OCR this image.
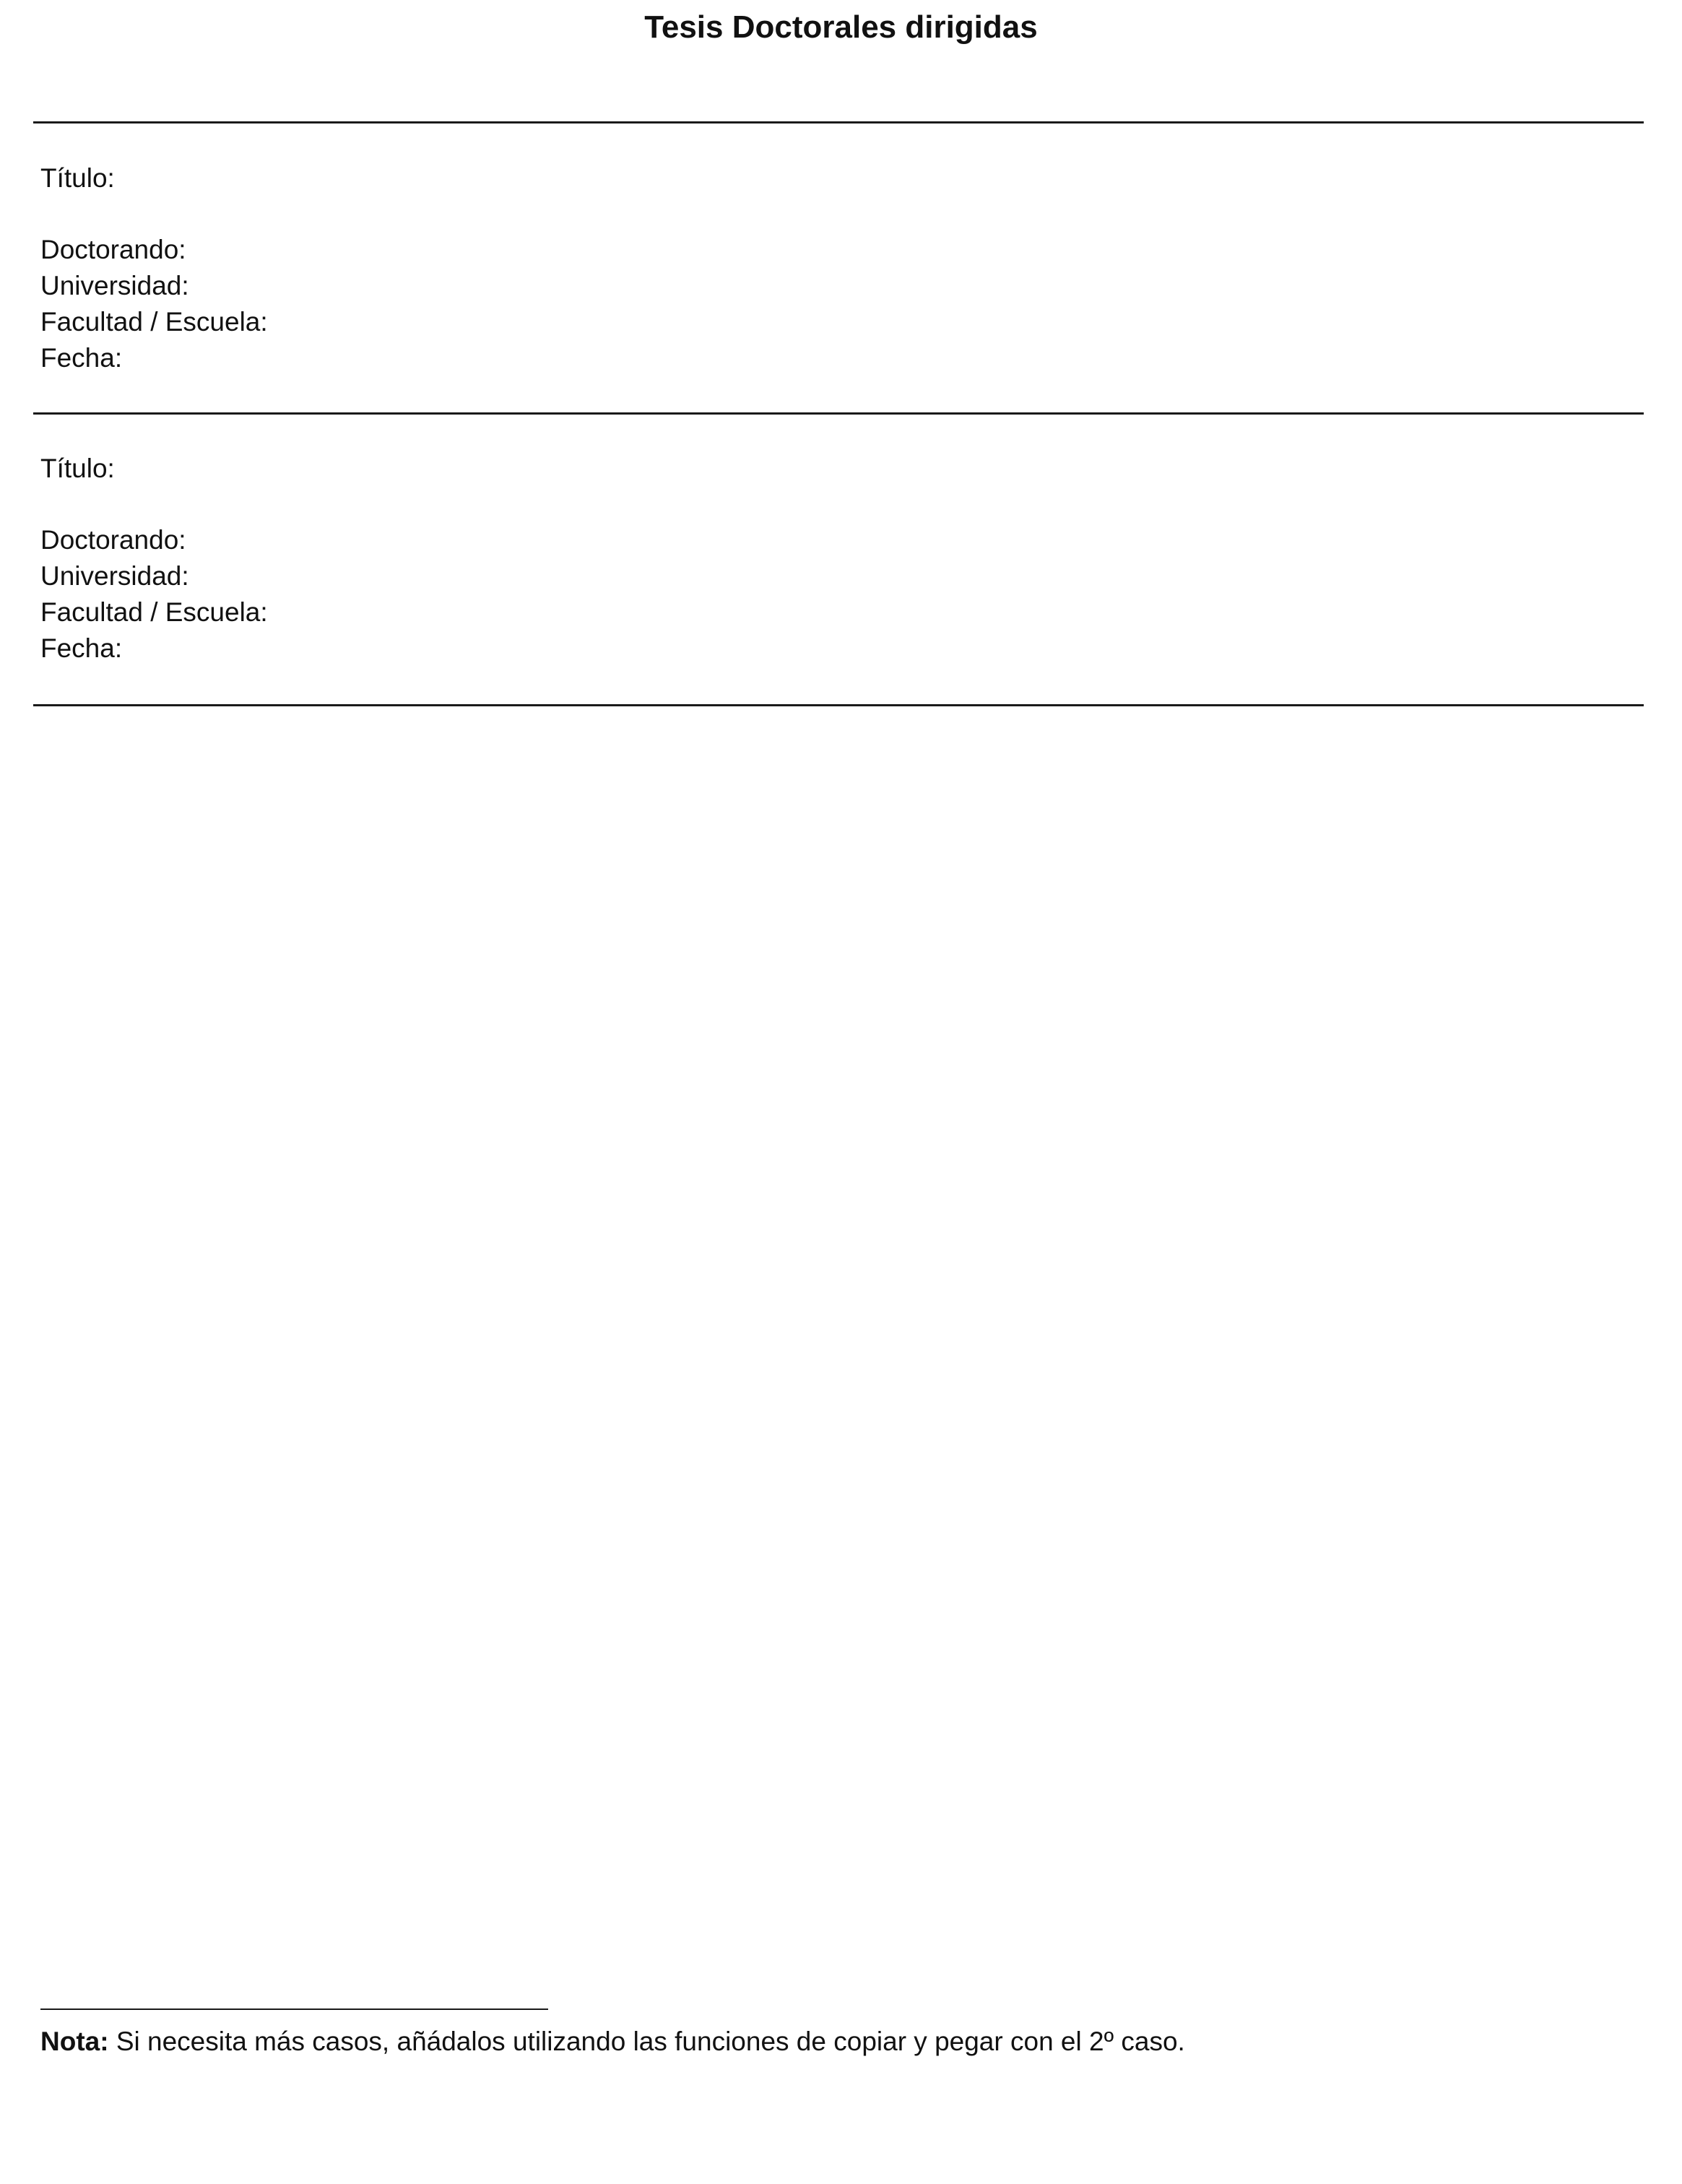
Tesis Doctorales dirigidas
Título:
Doctorando:
Universidad:
Facultad / Escuela:
Fecha:
Título:
Doctorando:
Universidad:
Facultad / Escuela:
Fecha:

Nota: Si necesita más casos, añádalos utilizando las funciones de copiar y pegar con el 2º caso.
